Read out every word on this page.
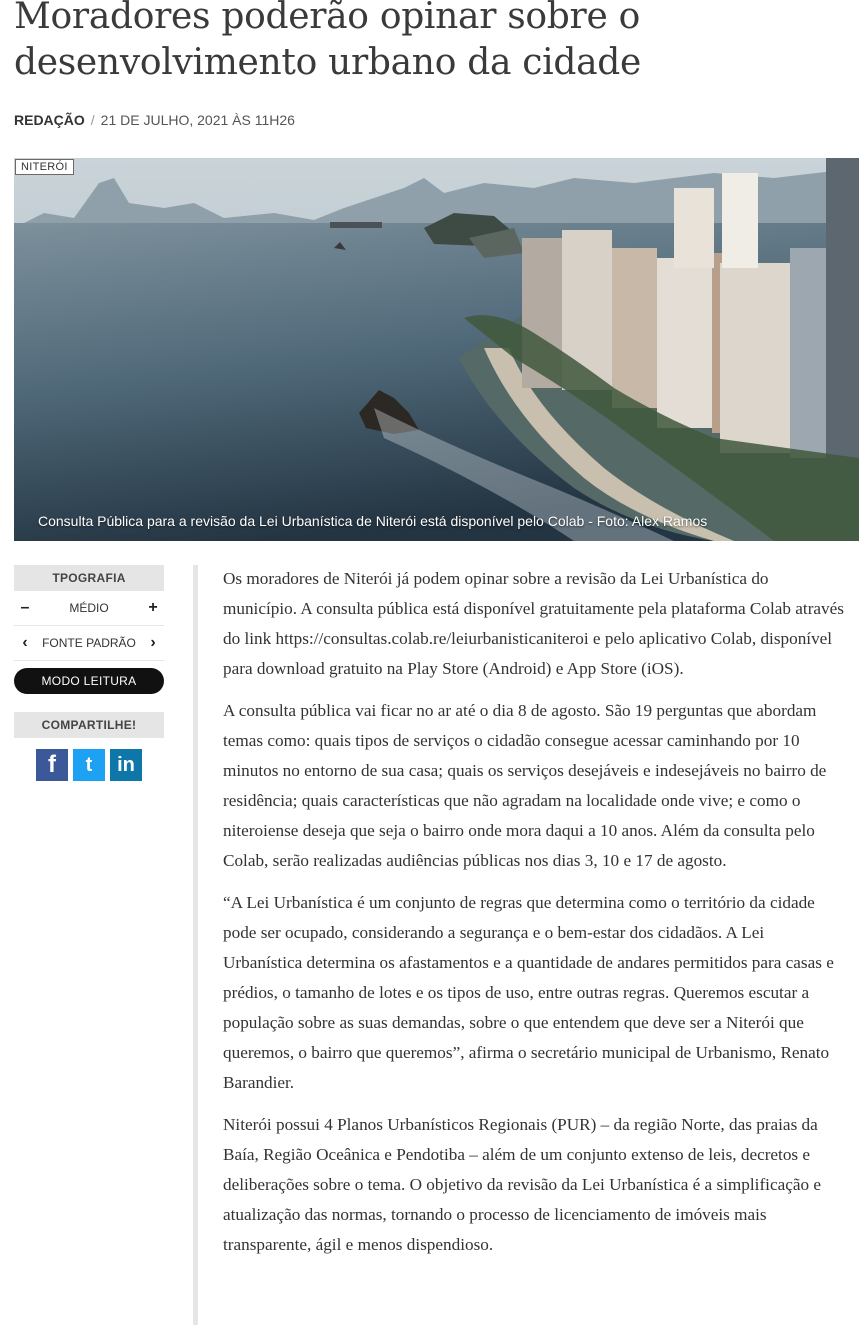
Moradores poderão opinar sobre o desenvolvimento urbano da cidade
REDAÇÃO / 21 DE JULHO, 2021 ÀS 11H26
NITERÓI
Consulta Pública para a revisão da Lei Urbanística de Niterói está disponível pelo Colab - Foto: Alex Ramos
TPOGRAFIA
–	MÉDIO	+
‹	FONTE PADRÃO ›
MODO LEITURA
COMPARTILHE!
f	t	in

Os moradores de Niterói já podem opinar sobre a revisão da Lei Urbanística do município. A consulta pública está disponível gratuitamente pela plataforma Colab através do link https://consultas.colab.re/leiurbanisticaniteroi e pelo aplicativo Colab, disponível para download gratuito na Play Store (Android) e App Store (iOS).

A consulta pública vai ficar no ar até o dia 8 de agosto. São 19 perguntas que abordam temas como: quais tipos de serviços o cidadão consegue acessar caminhando por 10 minutos no entorno de sua casa; quais os serviços desejáveis e indesejáveis no bairro de residência; quais características que não agradam na localidade onde vive; e como o niteroiense deseja que seja o bairro onde mora daqui a 10 anos. Além da consulta pelo Colab, serão realizadas audiências públicas nos dias 3, 10 e 17 de agosto.

“A Lei Urbanística é um conjunto de regras que determina como o território da cidade pode ser ocupado, considerando a segurança e o bem-estar dos cidadãos. A Lei Urbanística determina os afastamentos e a quantidade de andares permitidos para casas e prédios, o tamanho de lotes e os tipos de uso, entre outras regras. Queremos escutar a população sobre as suas demandas, sobre o que entendem que deve ser a Niterói que queremos, o bairro que queremos”, afirma o secretário municipal de Urbanismo, Renato Barandier.

Niterói possui 4 Planos Urbanísticos Regionais (PUR) – da região Norte, das praias da Baía, Região Oceânica e Pendotiba – além de um conjunto extenso de leis, decretos e deliberações sobre o tema. O objetivo da revisão da Lei Urbanística é a simplificação e atualização das normas, tornando o processo de licenciamento de imóveis mais transparente, ágil e menos dispendioso.
